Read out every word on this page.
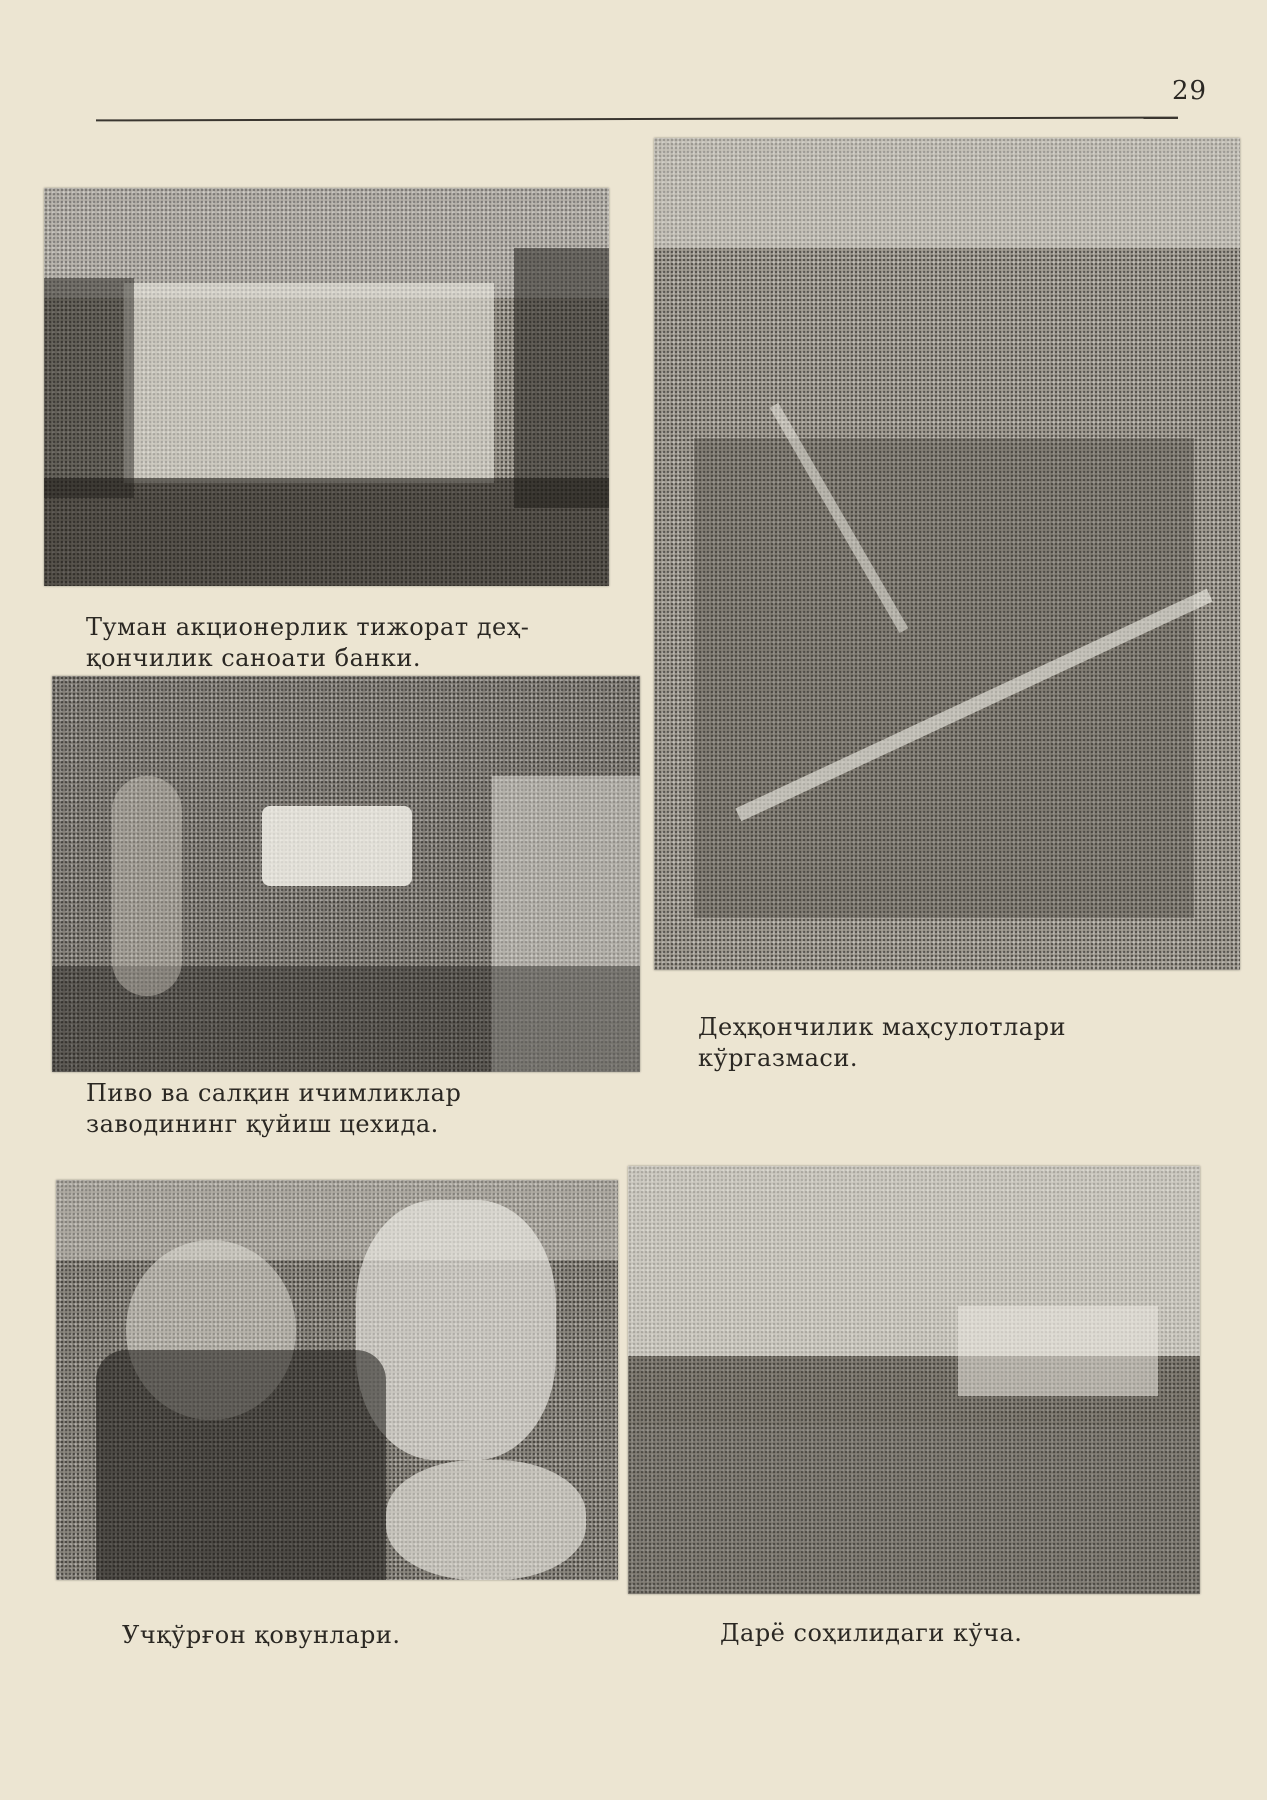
29
Туман акционерлик тижорат деҳ-
қончилик саноати банки.
Деҳқончилик маҳсулотлари
кўргазмаси.
Пиво ва салқин ичимликлар
заводининг қуйиш цехида.
Учқўрғон қовунлари.	Дарё соҳилидаги кўча.
